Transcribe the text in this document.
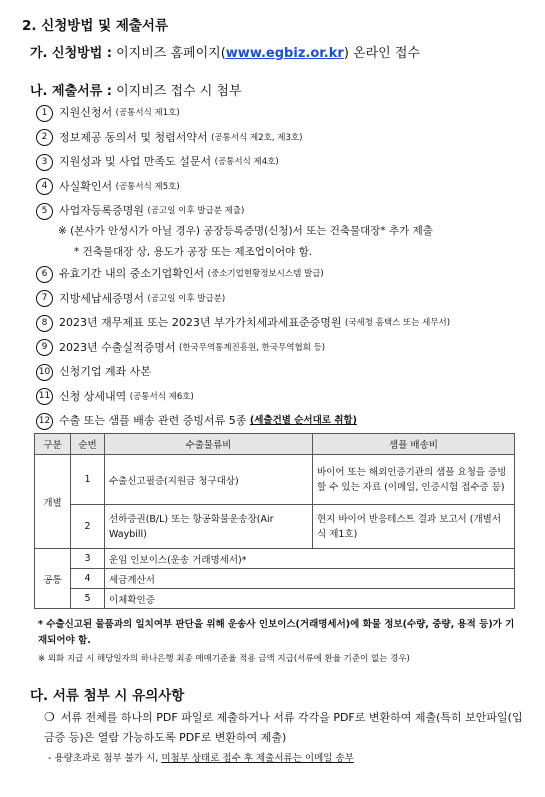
2. 신청방법 및 제출서류
가. 신청방법 : 이지비즈 홈페이지(www.egbiz.or.kr) 온라인 접수
나. 제출서류 : 이지비즈 접수 시 첨부
1 지원신청서 (공통서식 제1호)
2 정보제공 동의서 및 청렴서약서 (공통서식 제2호, 제3호)
3 지원성과 및 사업 만족도 설문서 (공통서식 제4호)
4 사실확인서 (공통서식 제5호)
5 사업자등록증명원 (공고일 이후 발급분 제출)
※ (본사가 안성시가 아닐 경우) 공장등록증명(신청)서 또는 건축물대장* 추가 제출
* 건축물대장 상, 용도가 공장 또는 제조업이어야 함.
6 유효기간 내의 중소기업확인서 (중소기업현황정보시스템 발급)
7 지방세납세증명서 (공고일 이후 발급분)
8 2023년 재무제표 또는 2023년 부가가치세과세표준증명원 (국세청 홈택스 또는 세무서)
9 2023년 수출실적증명서 (한국무역통계진흥원, 한국무역협회 등)
10 신청기업 계좌 사본
11 신청 상세내역 (공통서식 제6호)
12 수출 또는 샘플 배송 관련 증빙서류 5종 (세출건별 순서대로 취합)
구분	순번	수출물류비	샘플 배송비
개별	1	수출신고필증(지원금 청구대상)	바이어 또는 해외인증기관의 샘플 요청을 증빙할 수 있는 자료 (이메일, 인증시험 접수증 등)
	2	선하증권(B/L) 또는 항공화물운송장(Air Waybill)	현지 바이어 반응테스트 결과 보고서 (개별서식 제1호)
공통	3	운임 인보이스(운송 거래명세서)*	
	4	세금계산서	
	5	이체확인증	
* 수출신고된 물품과의 일치여부 판단을 위해 운송사 인보이스(거래명세서)에 화물 정보(수량, 중량, 용적 등)가 기재되어야 함.
※ 외화 지급 시 해당일자의 하나은행 최종 매매기준율 적용 금액 지급(서류에 환율 기준이 없는 경우)
다. 서류 첨부 시 유의사항
❍ 서류 전체를 하나의 PDF 파일로 제출하거나 서류 각각을 PDF로 변환하여 제출(특히 보안파일(입금증 등)은 열람 가능하도록 PDF로 변환하여 제출)
- 용량초과로 첨부 불가 시, 미첨부 상태로 접수 후 제출서류는 이메일 송부
